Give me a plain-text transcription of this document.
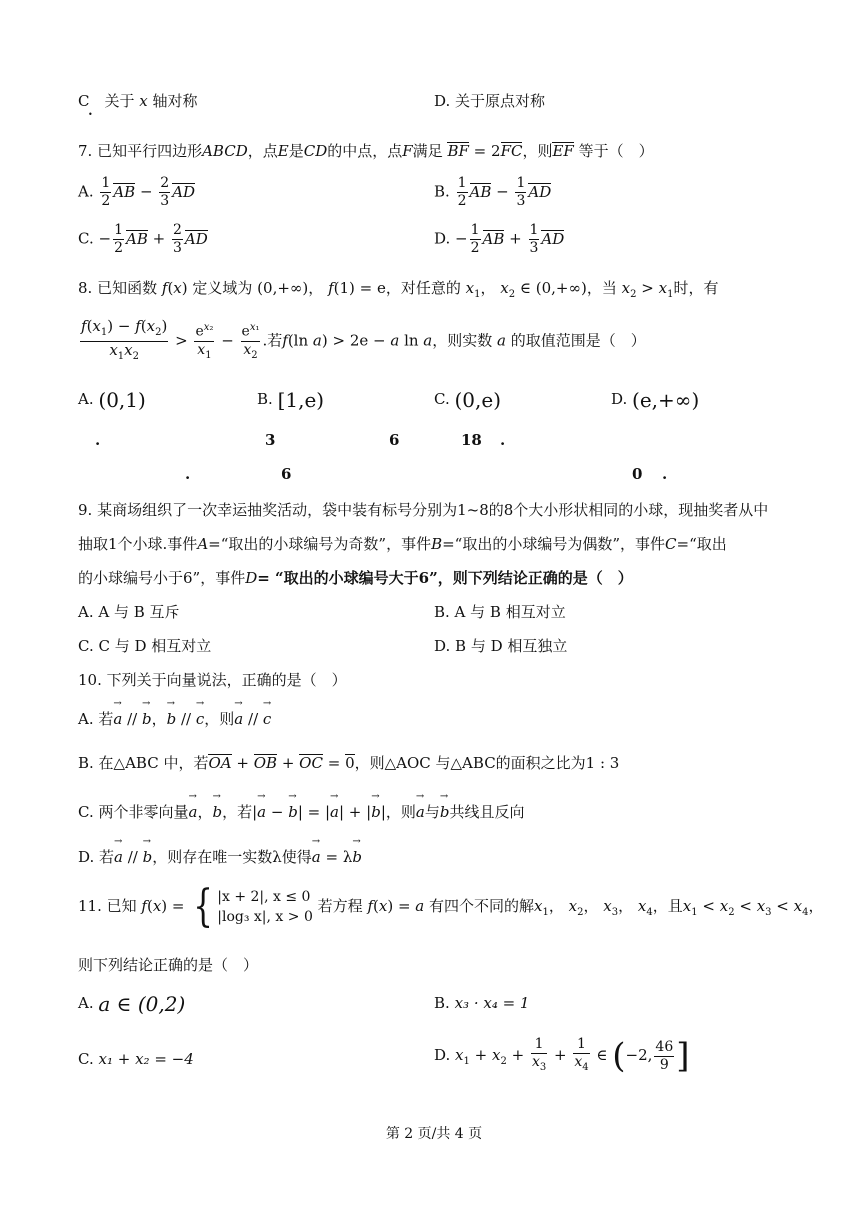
C　关于 x 轴对称
•
D. 关于原点对称
7. 已知平行四边形ABCD，点E是CD的中点，点F满足 BF = 2FC，则EF 等于（　）
A. $\frac{1}{2}$ AB − $\frac{2}{3}$ AD	B. $\frac{1}{2}$ AB − $\frac{1}{3}$ AD
C. − $\frac{1}{2}$ AB + $\frac{2}{3}$ AD	D. − $\frac{1}{2}$ AB + $\frac{1}{3}$ AD
8. 已知函数 f(x) 定义域为 (0,+∞)， f(1) = e，对任意的 $x_1$， $x_2$ ∈ (0,+∞)，当 $x_2 > x_1$时，有
$\frac{f(x_1) - f(x_2)}{x_1x_2} > \frac{e^{x_2}}{x_1} - \frac{e^{x_1}}{x_2}$ .若f(ln a) > 2e − a ln a，则实数 a 的取值范围是（　）
A. (0,1)	B. [1,e)	C. (0,e)	D. (e,+∞)
.	3	6	18 .
.	6	0 .
9. 某商场组织了一次幸运抽奖活动，袋中装有标号分别为1~8的8个大小形状相同的小球，现抽奖者从中
抽取1个小球.事件A=“取出的小球编号为奇数”，事件B=“取出的小球编号为偶数”，事件C=“取出
的小球编号小于6”，事件D= “取出的小球编号大于6”，则下列结论正确的是（　）
A. A 与 B 互斥	B. A 与 B 相互对立
C. C 与 D 相互对立	D. B 与 D 相互独立
10. 下列关于向量说法，正确的是（　）
A. 若→ a // → b，→ b // → c，则→ a // → c
B. 在△ABC 中，若OA + OB + OC = 0，则△AOC 与△ABC的面积之比为1 : 3
C. 两个非零向量→ a，→ b，若|→ a − → b| = |→ a| + |→ b|，则→ a与→ b共线且反向
D. 若→ a // → b，则存在唯一实数λ使得→ a = λ→ b
11. 已知 f(x) = { |x + 2|, x ≤ 0
|log₃ x|, x > 0 若方程 f(x) = a 有四个不同的解$x_1$， $x_2$， $x_3$， $x_4$，且$x_1 < x_2 < x_3 < x_4$，
则下列结论正确的是（　）
A. a ∈ (0,2)	B. x₃ · x₄ = 1
C. x₁ + x₂ = −4	D. $x_1 + x_2 + \frac{1}{x_3} + \frac{1}{x_4}$ ∈ (−2, $\frac{46}{9}$ ]
第 2 页/共 4 页
